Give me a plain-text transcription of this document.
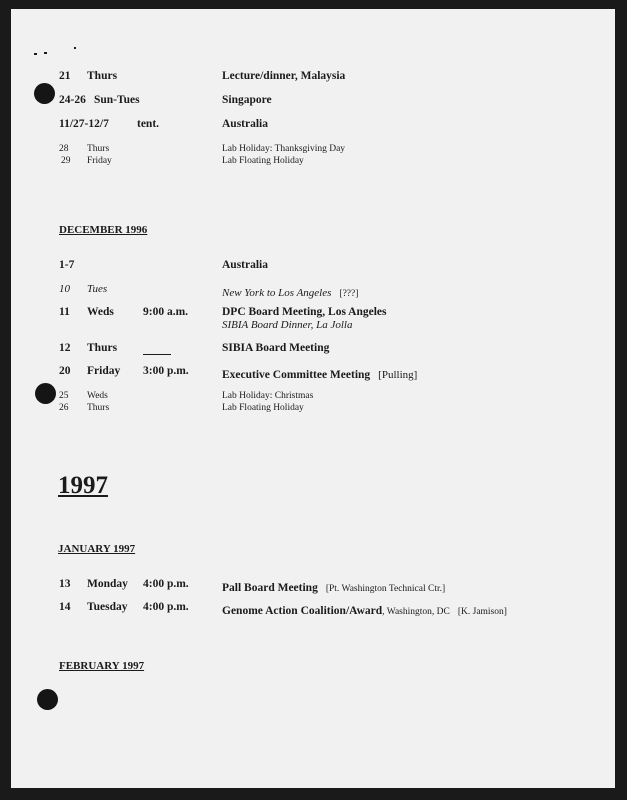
21 Thurs	Lecture/dinner, Malaysia
24-26 Sun-Tues	Singapore
11/27-12/7 tent.	Australia
28 Thurs	Lab Holiday: Thanksgiving Day
29 Friday	Lab Floating Holiday
DECEMBER 1996
1-7	Australia
10 Tues	New York to Los Angeles [???]
11 Weds	9:00 a.m.	DPC Board Meeting, Los Angeles
SIBIA Board Dinner, La Jolla
12 Thurs	SIBIA Board Meeting
20 Friday 3:00 p.m.	Executive Committee Meeting [Pulling]
25 Weds	Lab Holiday: Christmas
26 Thurs	Lab Floating Holiday
1997
JANUARY 1997
13 Monday 4:00 p.m.	Pall Board Meeting [Pt. Washington Technical Ctr.]
14 Tuesday 4:00 p.m.	Genome Action Coalition/Award, Washington, DC [K. Jamison]
FEBRUARY 1997
